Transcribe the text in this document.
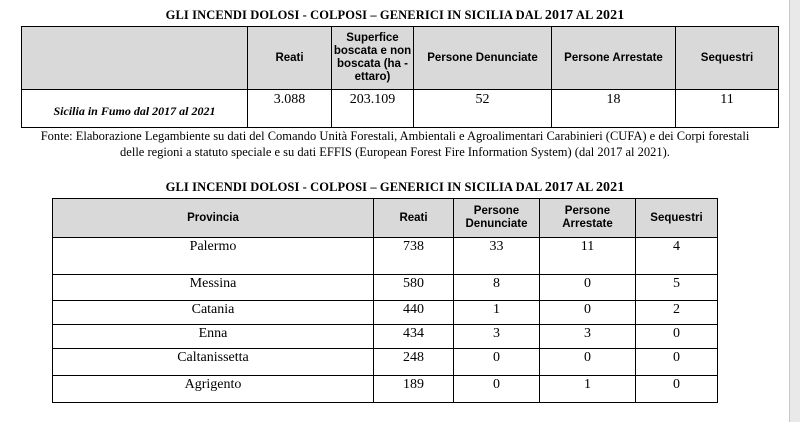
GLI INCENDI DOLOSI - COLPOSI – GENERICI IN SICILIA DAL 2017 AL 2021
	Reati	Superfice boscata e non boscata (ha - ettaro)	Persone Denunciate	Persone Arrestate	Sequestri
Sicilia in Fumo dal 2017 al 2021	3.088	203.109	52	18	11
Fonte: Elaborazione Legambiente su dati del Comando Unità Forestali, Ambientali e Agroalimentari Carabinieri (CUFA) e dei Corpi forestali
delle regioni a statuto speciale e su dati EFFIS (European Forest Fire Information System) (dal 2017 al 2021).
GLI INCENDI DOLOSI - COLPOSI – GENERICI IN SICILIA DAL 2017 AL 2021
Provincia	Reati	Persone Denunciate	Persone Arrestate	Sequestri
Palermo	738	33	11	4
Messina	580	8	0	5
Catania	440	1	0	2
Enna	434	3	3	0
Caltanissetta	248	0	0	0
Agrigento	189	0	1	0
